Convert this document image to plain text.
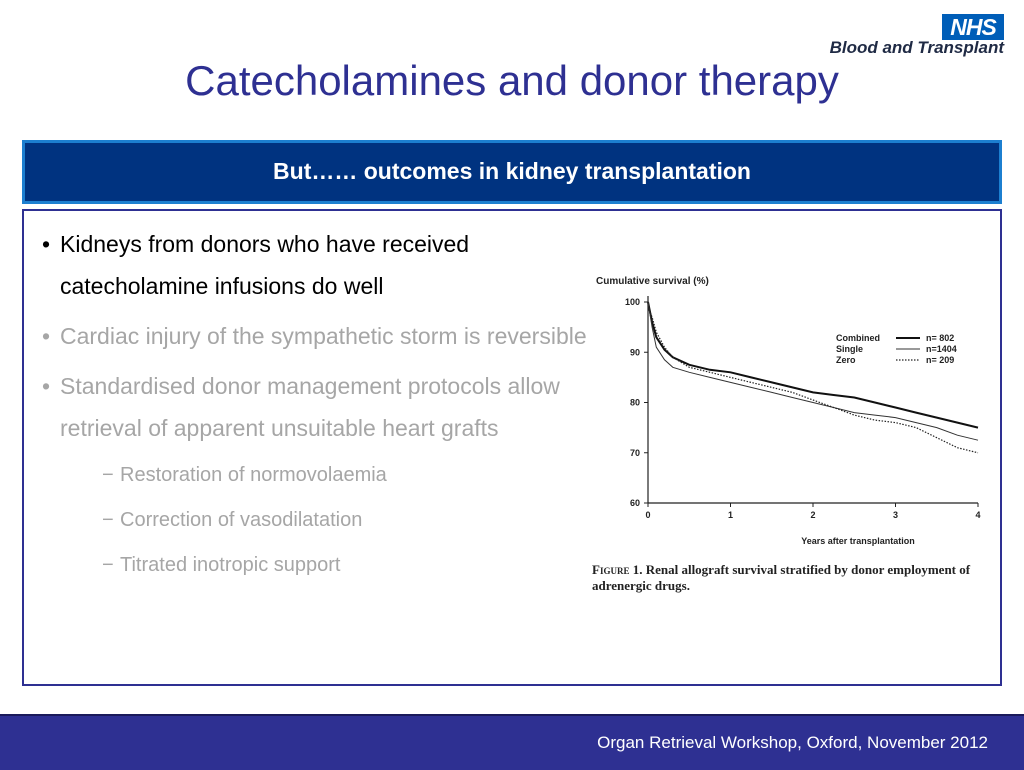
NHS
Blood and Transplant
Catecholamines and donor therapy
But…… outcomes in kidney transplantation
• Kidneys from donors who have received catecholamine infusions do well
• Cardiac injury of the sympathetic storm is reversible
• Standardised donor management protocols allow retrieval of apparent unsuitable heart grafts
− Restoration of normovolaemia
− Correction of vasodilatation
− Titrated inotropic support
Cumulative survival (%)
Years after transplantation
60
70
80
90
100
0	1	2	3	4
Combined	n= 802
Single	n=1404
Zero	n= 209
Figure 1. Renal allograft survival stratified by donor employment of adrenergic drugs.
Organ Retrieval Workshop, Oxford, November 2012
